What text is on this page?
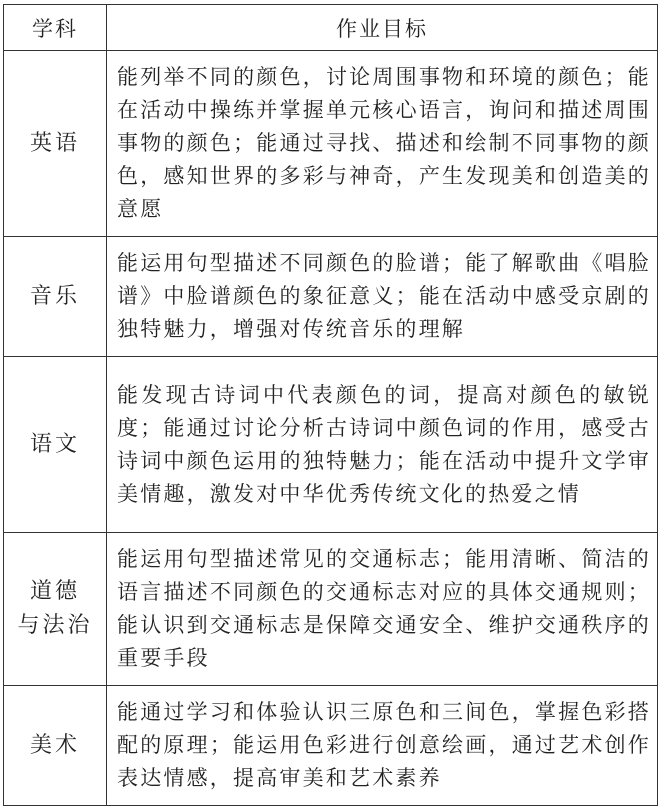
学科	作业目标

英语	能列举不同的颜色，讨论周围事物和环境的颜色；能在活动中操练并掌握单元核心语言，询问和描述周围事物的颜色；能通过寻找、描述和绘制不同事物的颜色，感知世界的多彩与神奇，产生发现美和创造美的意愿

音乐	能运用句型描述不同颜色的脸谱；能了解歌曲《唱脸谱》中脸谱颜色的象征意义；能在活动中感受京剧的独特魅力，增强对传统音乐的理解

语文	能发现古诗词中代表颜色的词，提高对颜色的敏锐度；能通过讨论分析古诗词中颜色词的作用，感受古诗词中颜色运用的独特魅力；能在活动中提升文学审美情趣，激发对中华优秀传统文化的热爱之情

道德
与法治	能运用句型描述常见的交通标志；能用清晰、简洁的语言描述不同颜色的交通标志对应的具体交通规则；能认识到交通标志是保障交通安全、维护交通秩序的重要手段

美术	能通过学习和体验认识三原色和三间色，掌握色彩搭配的原理；能运用色彩进行创意绘画，通过艺术创作表达情感，提高审美和艺术素养
